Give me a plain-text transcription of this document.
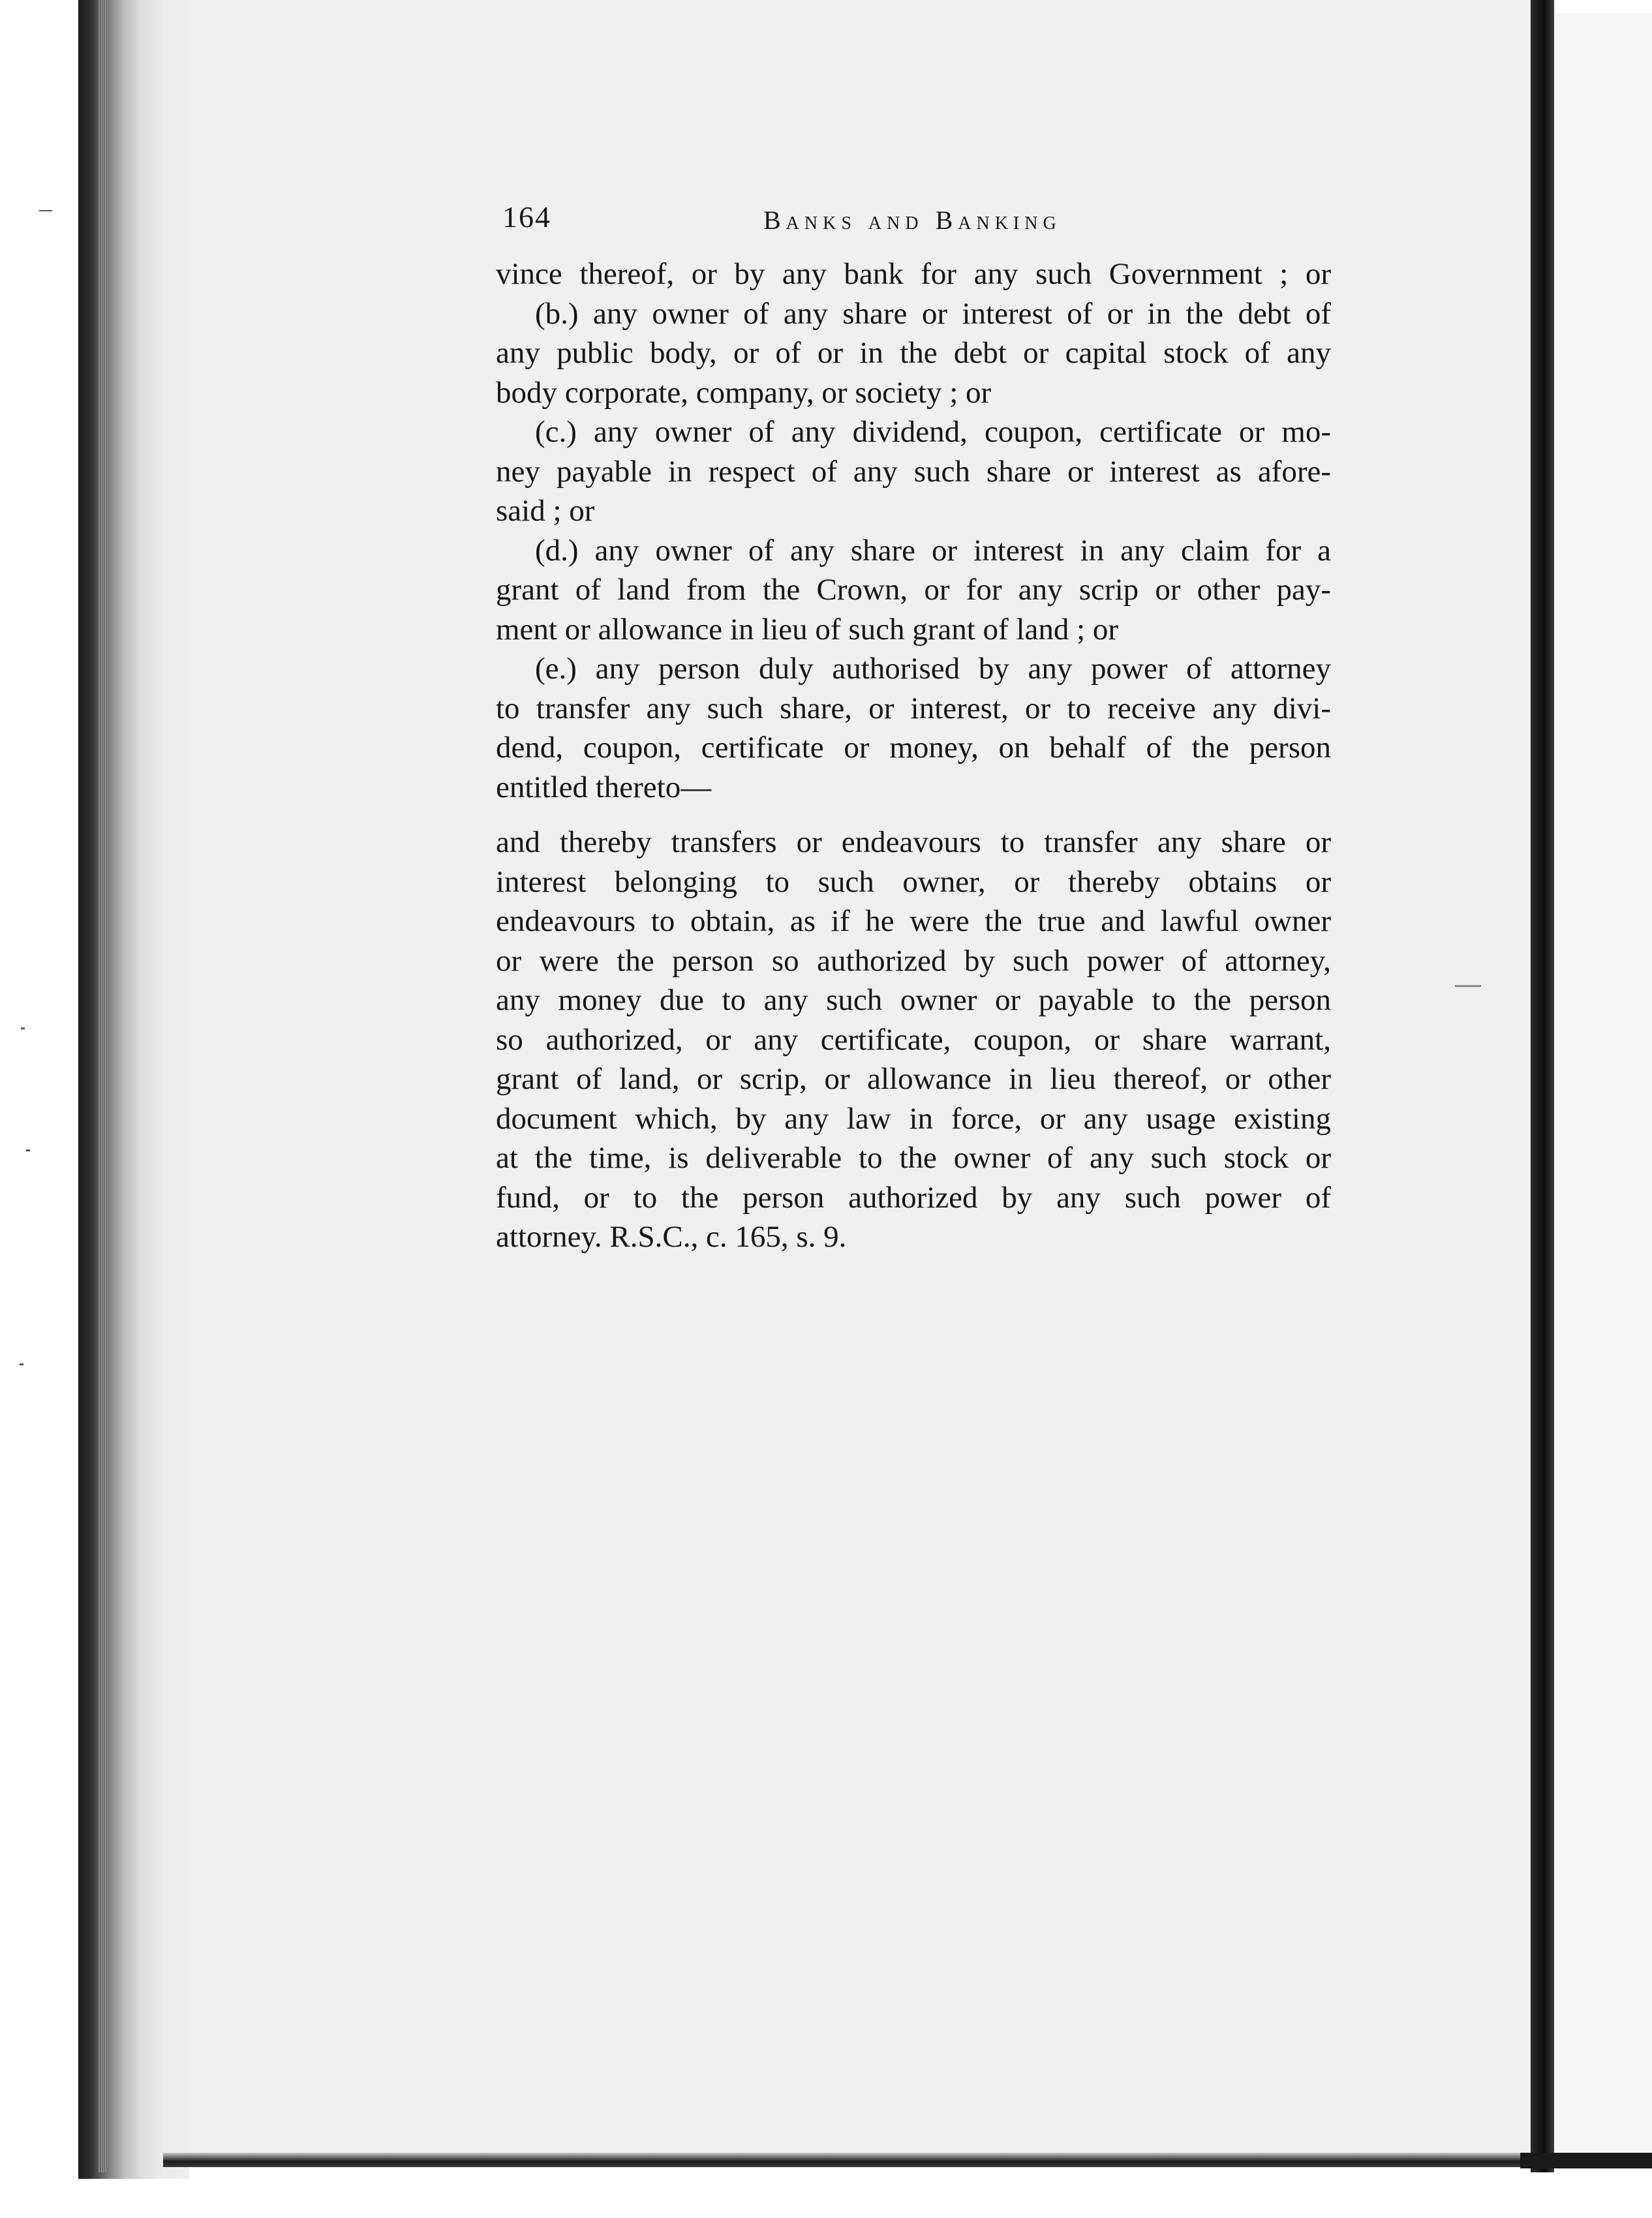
164	Banks and Banking
vince thereof, or by any bank for any such Government ; or
(b.) any owner of any share or interest of or in the debt of
any public body, or of or in the debt or capital stock of any
body corporate, company, or society ; or
(c.) any owner of any dividend, coupon, certificate or mo-
ney payable in respect of any such share or interest as afore-
said ; or
(d.) any owner of any share or interest in any claim for a
grant of land from the Crown, or for any scrip or other pay-
ment or allowance in lieu of such grant of land ; or
(e.) any person duly authorised by any power of attorney
to transfer any such share, or interest, or to receive any divi-
dend, coupon, certificate or money, on behalf of the person
entitled thereto—
and thereby transfers or endeavours to transfer any share or
interest belonging to such owner, or thereby obtains or
endeavours to obtain, as if he were the true and lawful owner
or were the person so authorized by such power of attorney,
any money due to any such owner or payable to the person
so authorized, or any certificate, coupon, or share warrant,
grant of land, or scrip, or allowance in lieu thereof, or other
document which, by any law in force, or any usage existing
at the time, is deliverable to the owner of any such stock or
fund, or to the person authorized by any such power of
attorney. R.S.C., c. 165, s. 9.
